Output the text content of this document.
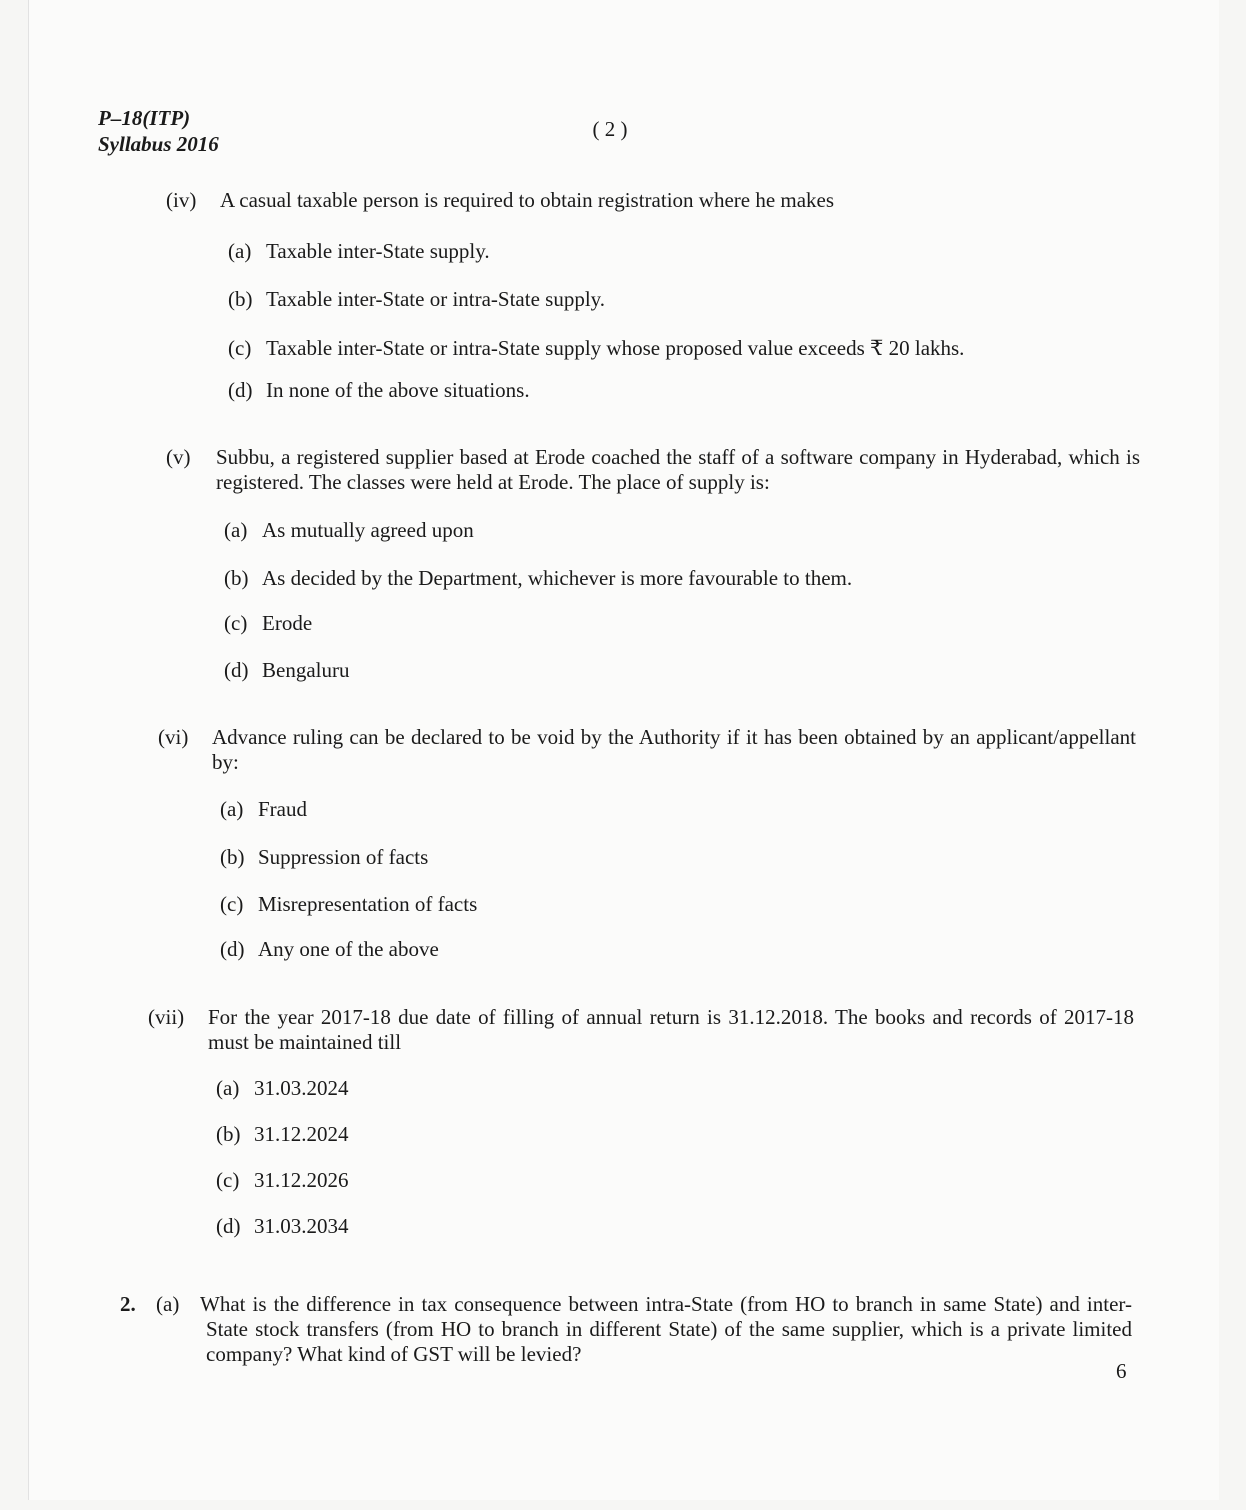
P–18(ITP)
Syllabus 2016
( 2 )
(iv) A casual taxable person is required to obtain registration where he makes
(a) Taxable inter-State supply.
(b) Taxable inter-State or intra-State supply.
(c) Taxable inter-State or intra-State supply whose proposed value exceeds ₹ 20 lakhs.
(d) In none of the above situations.
(v) Subbu, a registered supplier based at Erode coached the staff of a software company in Hyderabad, which is registered. The classes were held at Erode. The place of supply is:
(a) As mutually agreed upon
(b) As decided by the Department, whichever is more favourable to them.
(c) Erode
(d) Bengaluru
(vi) Advance ruling can be declared to be void by the Authority if it has been obtained by an applicant/appellant by:
(a) Fraud
(b) Suppression of facts
(c) Misrepresentation of facts
(d) Any one of the above
(vii) For the year 2017-18 due date of filling of annual return is 31.12.2018. The books and records of 2017-18 must be maintained till
(a) 31.03.2024
(b) 31.12.2024
(c) 31.12.2026
(d) 31.03.2034
2. (a) What is the difference in tax consequence between intra-State (from HO to branch in same State) and inter-State stock transfers (from HO to branch in different State) of the same supplier, which is a private limited company? What kind of GST will be levied?
6
